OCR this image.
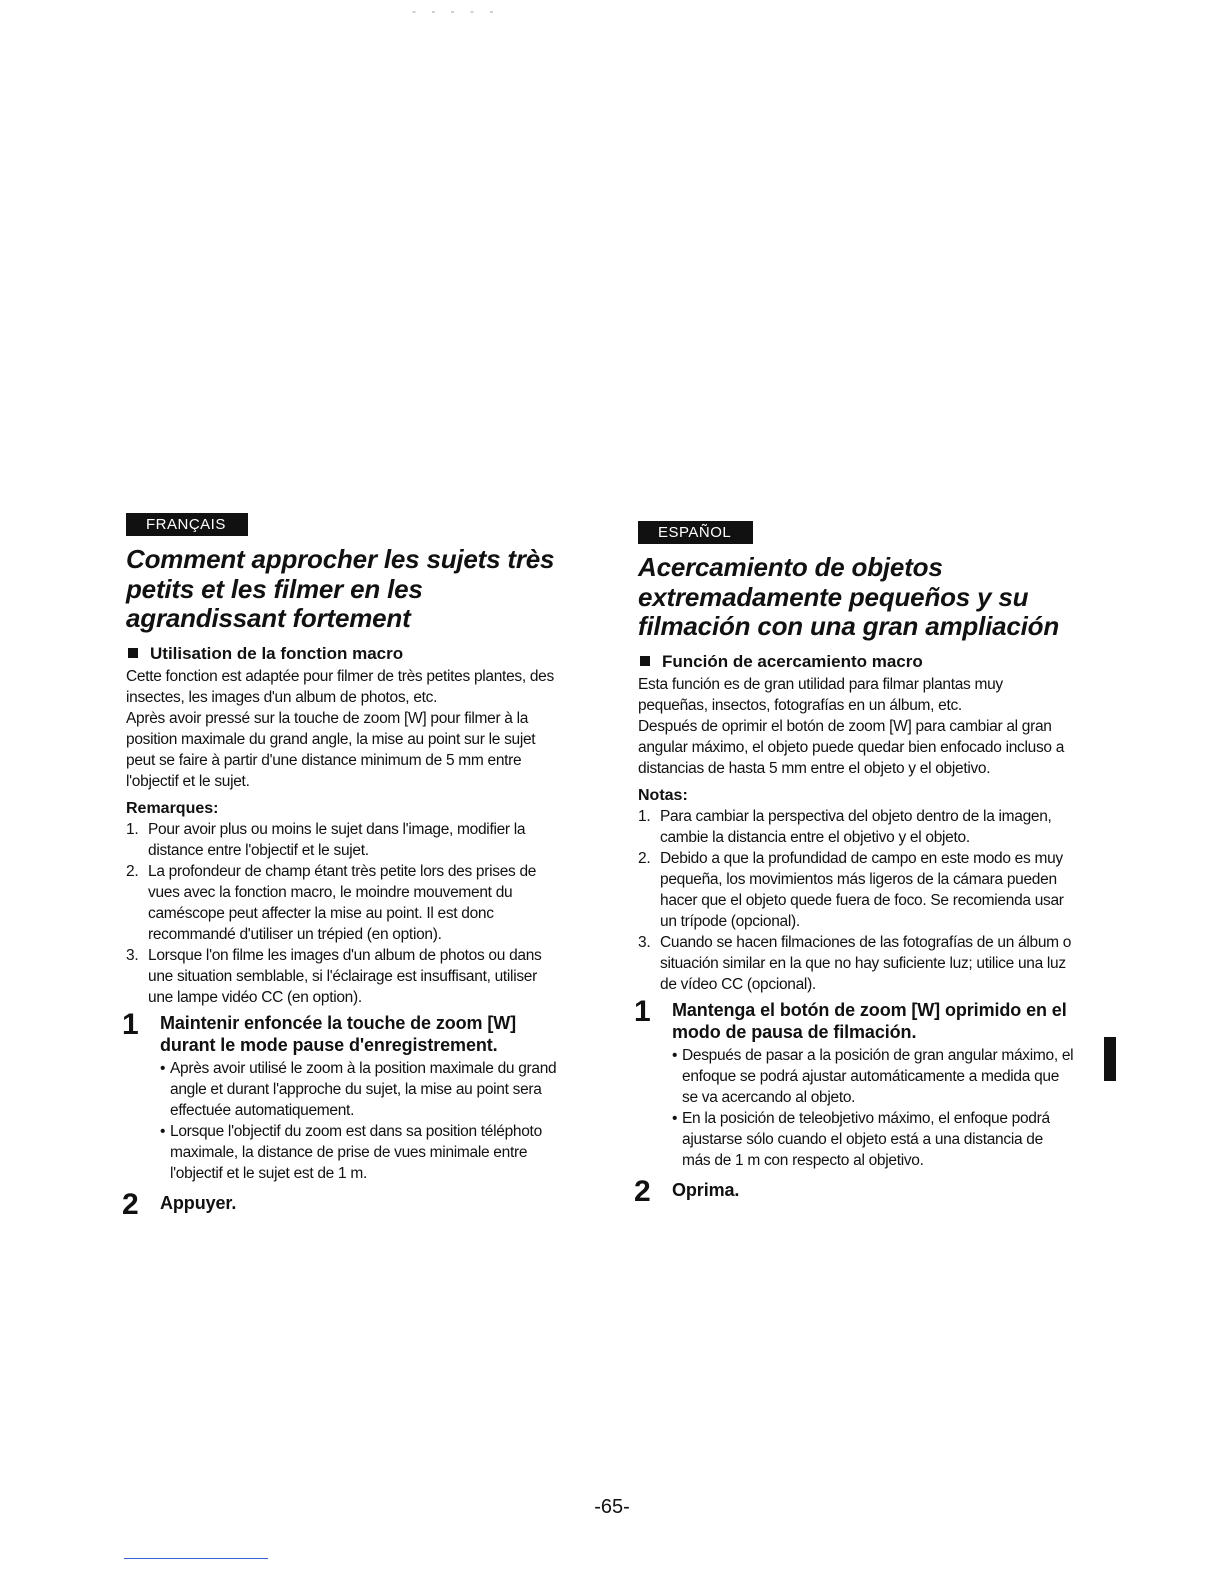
- - - - -
FRANÇAIS
Comment approcher les sujets très petits et les filmer en les agrandissant fortement
Utilisation de la fonction macro

Cette fonction est adaptée pour filmer de très petites plantes, des insectes, les images d'un album de photos, etc.

Après avoir pressé sur la touche de zoom [W] pour filmer à la position maximale du grand angle, la mise au point sur le sujet peut se faire à partir d'une distance minimum de 5 mm entre l'objectif et le sujet.

Remarques:
1. Pour avoir plus ou moins le sujet dans l'image, modifier la distance entre l'objectif et le sujet.
2. La profondeur de champ étant très petite lors des prises de vues avec la fonction macro, le moindre mouvement du caméscope peut affecter la mise au point. Il est donc recommandé d'utiliser un trépied (en option).
3. Lorsque l'on filme les images d'un album de photos ou dans une situation semblable, si l'éclairage est insuffisant, utiliser une lampe vidéo CC (en option).
1 Maintenir enfoncée la touche de zoom [W] durant le mode pause d'enregistrement.
• Après avoir utilisé le zoom à la position maximale du grand angle et durant l'approche du sujet, la mise au point sera effectuée automatiquement.
• Lorsque l'objectif du zoom est dans sa position téléphoto maximale, la distance de prise de vues minimale entre l'objectif et le sujet est de 1 m.
2 Appuyer.
ESPAÑOL
Acercamiento de objetos extremadamente pequeños y su filmación con una gran ampliación
Función de acercamiento macro

Esta función es de gran utilidad para filmar plantas muy pequeñas, insectos, fotografías en un álbum, etc.

Después de oprimir el botón de zoom [W] para cambiar al gran angular máximo, el objeto puede quedar bien enfocado incluso a distancias de hasta 5 mm entre el objeto y el objetivo.

Notas:
1. Para cambiar la perspectiva del objeto dentro de la imagen, cambie la distancia entre el objetivo y el objeto.
2. Debido a que la profundidad de campo en este modo es muy pequeña, los movimientos más ligeros de la cámara pueden hacer que el objeto quede fuera de foco. Se recomienda usar un trípode (opcional).
3. Cuando se hacen filmaciones de las fotografías de un álbum o situación similar en la que no hay suficiente luz; utilice una luz de vídeo CC (opcional).
1 Mantenga el botón de zoom [W] oprimido en el modo de pausa de filmación.
• Después de pasar a la posición de gran angular máximo, el enfoque se podrá ajustar automáticamente a medida que se va acercando al objeto.
• En la posición de teleobjetivo máximo, el enfoque podrá ajustarse sólo cuando el objeto está a una distancia de más de 1 m con respecto al objetivo.
2 Oprima.
-65-
